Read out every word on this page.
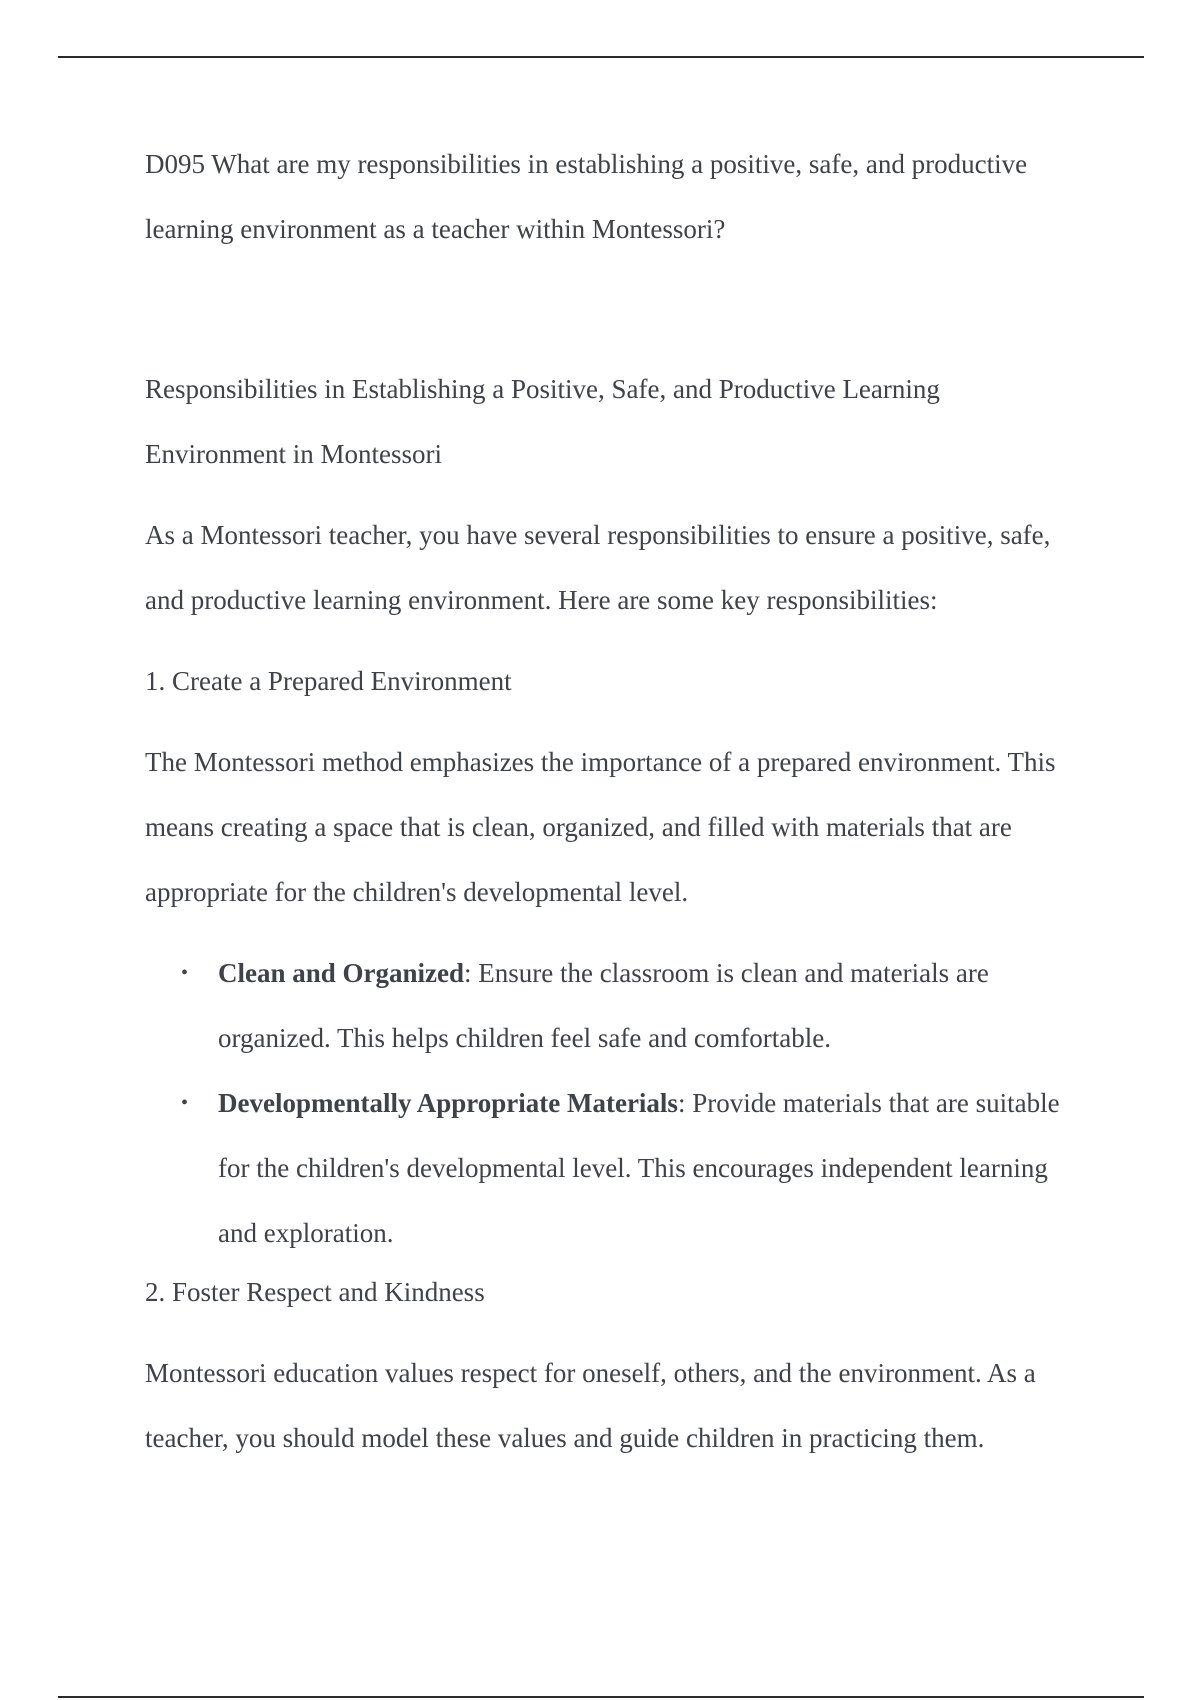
D095 What are my responsibilities in establishing a positive, safe, and productive learning environment as a teacher within Montessori?

Responsibilities in Establishing a Positive, Safe, and Productive Learning Environment in Montessori

As a Montessori teacher, you have several responsibilities to ensure a positive, safe, and productive learning environment. Here are some key responsibilities:

1. Create a Prepared Environment

The Montessori method emphasizes the importance of a prepared environment. This means creating a space that is clean, organized, and filled with materials that are appropriate for the children's developmental level.

• Clean and Organized: Ensure the classroom is clean and materials are organized. This helps children feel safe and comfortable.
• Developmentally Appropriate Materials: Provide materials that are suitable for the children's developmental level. This encourages independent learning and exploration.

2. Foster Respect and Kindness

Montessori education values respect for oneself, others, and the environment. As a teacher, you should model these values and guide children in practicing them.
